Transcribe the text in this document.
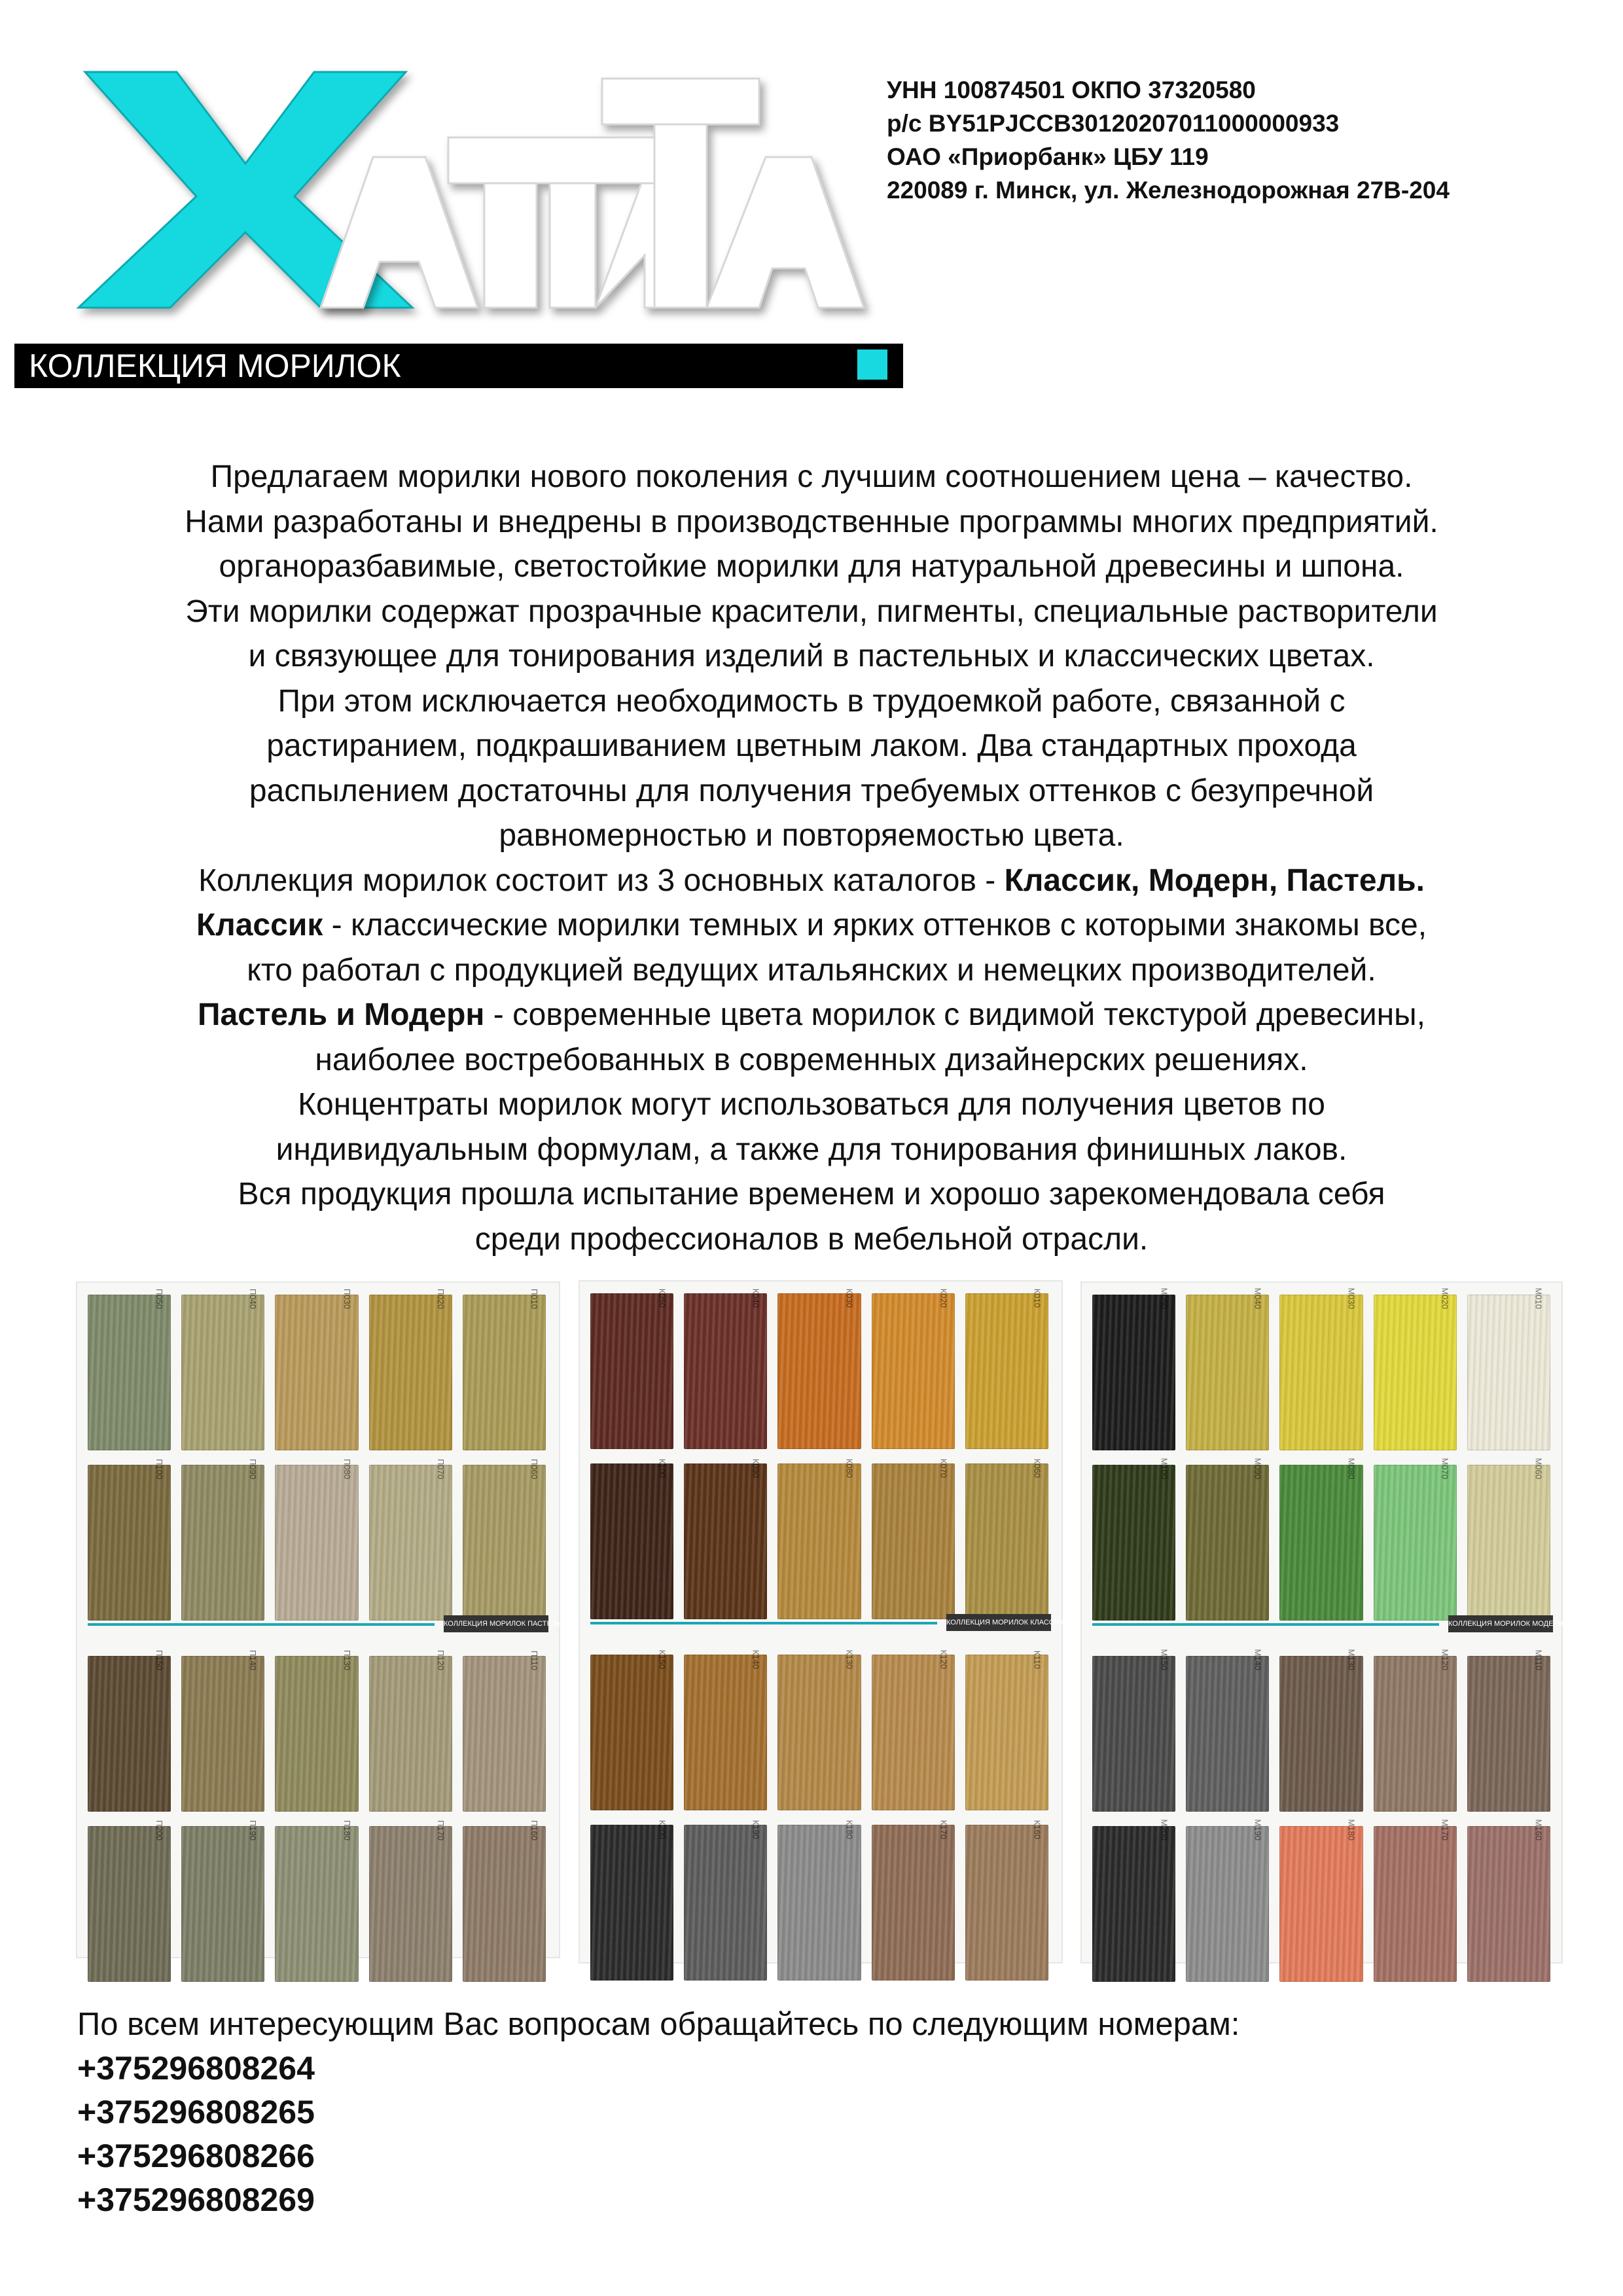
УНН 100874501 ОКПО 37320580
р/с BY51PJCCB30120207011000000933
ОАО «Приорбанк» ЦБУ 119
220089 г. Минск, ул. Железнодорожная 27В-204
КОЛЛЕКЦИЯ МОРИЛОК

Предлагаем морилки нового поколения с лучшим соотношением цена – качество.

Нами разработаны и внедрены в производственные программы многих предприятий.

органоразбавимые, светостойкие морилки для натуральной древесины и шпона.

Эти морилки содержат прозрачные красители, пигменты, специальные растворители

и связующее для тонирования изделий в пастельных и классических цветах.

При этом исключается необходимость в трудоемкой работе, связанной с

растиранием, подкрашиванием цветным лаком. Два стандартных прохода

распылением достаточны для получения требуемых оттенков с безупречной

равномерностью и повторяемостью цвета.

Коллекция морилок состоит из 3 основных каталогов - Классик, Модерн, Пастель.

Классик - классические морилки темных и ярких оттенков с которыми знакомы все,

кто работал с продукцией ведущих итальянских и немецких производителей.

Пастель и Модерн - современные цвета морилок с видимой текстурой древесины,

наиболее востребованных в современных дизайнерских решениях.

Концентраты морилок могут использоваться для получения цветов по

индивидуальным формулам, а также для тонирования финишных лаков.

Вся продукция прошла испытание временем и хорошо зарекомендовала себя

среди профессионалов в мебельной отрасли.

П050	П040	П030	П020	П010
П100	П090	П080	П070	П060
КОЛЛЕКЦИЯ МОРИЛОК ПАСТЕЛЬ
П150	П140	П130	П120	П110
П200	П190	П180	П170	П160
К050	К040	К030	К020	К010
К100	К090	К080	К070	К060
КОЛЛЕКЦИЯ МОРИЛОК КЛАССИК
К150	К140	К130	К120	К110
К200	К190	К180	К170	К160
М050	М040	М030	М020	М010
М100	М090	М080	М070	М060
КОЛЛЕКЦИЯ МОРИЛОК МОДЕРН
М150	М140	М130	М120	М110
М200	М190	М180	М170	М160
По всем интересующим Вас вопросам обращайтесь по следующим номерам:
+375296808264
+375296808265
+375296808266
+375296808269
